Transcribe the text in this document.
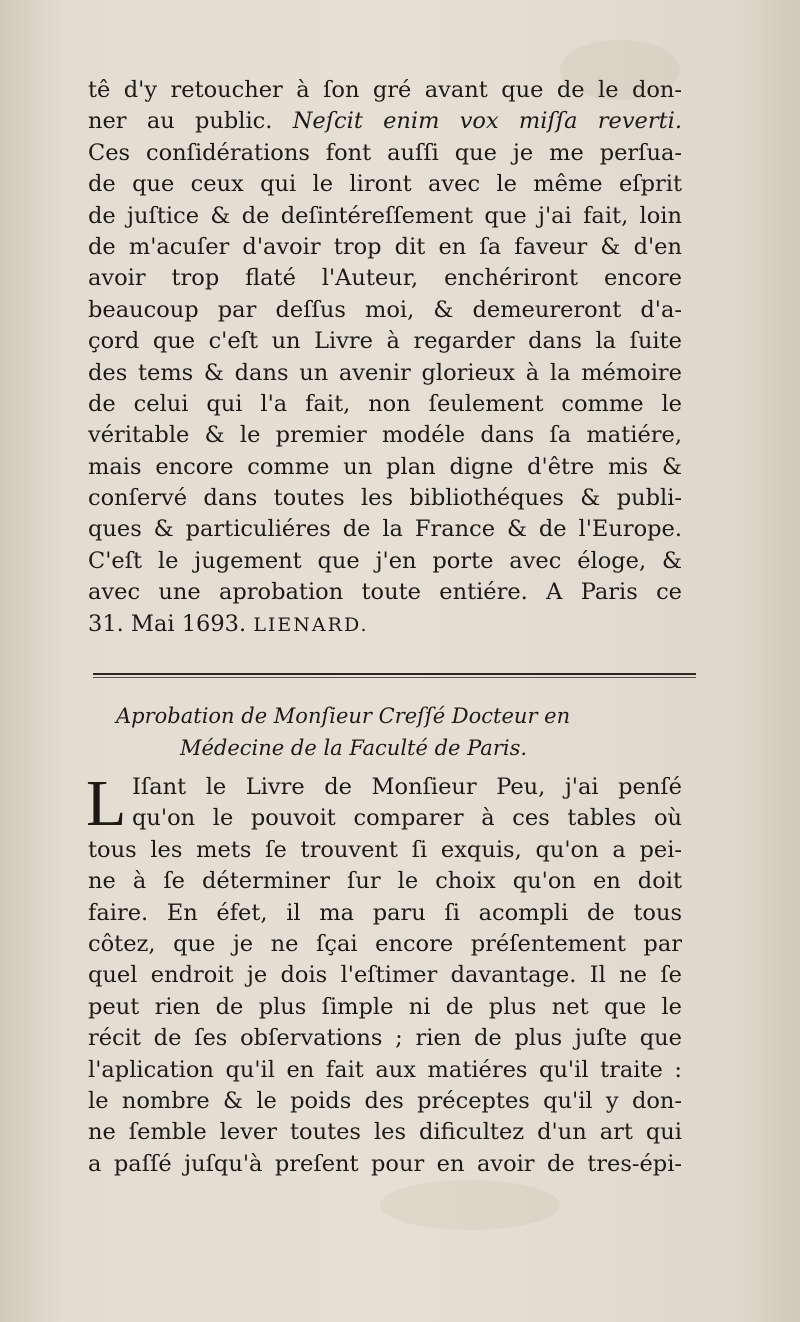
tê d'y retoucher à ſon gré avant que de le don-
ner au public. Neſcit enim vox miſſa reverti.
Ces conſidérations font auſſi que je me perſua-
de que ceux qui le liront avec le même eſprit
de juſtice & de deſintéreſſement que j'ai fait, loin
de m'acuſer d'avoir trop dit en ſa faveur & d'en
avoir trop flaté l'Auteur, enchériront encore
beaucoup par deſſus moi, & demeureront d'a-
çord que c'eſt un Livre à regarder dans la ſuite
des tems & dans un avenir glorieux à la mémoire
de celui qui l'a fait, non ſeulement comme le
véritable & le premier modéle dans ſa matiére,
mais encore comme un plan digne d'être mis &
conſervé dans toutes les bibliothéques & publi-
ques & particuliéres de la France & de l'Europe.
C'eſt le jugement que j'en porte avec éloge, &
avec une aprobation toute entiére. A Paris ce
31. Mai 1693. LIENARD.
Aprobation de Monſieur Creſſé Docteur en
Médecine de la Faculté de Paris.
L Iſant le Livre de Monſieur Peu, j'ai penſé
qu'on le pouvoit comparer à ces tables où
tous les mets ſe trouvent ſi exquis, qu'on a pei-
ne à ſe déterminer ſur le choix qu'on en doit
faire. En éfet, il ma paru ſi acompli de tous
côtez, que je ne ſçai encore préſentement par
quel endroit je dois l'eſtimer davantage. Il ne ſe
peut rien de plus ſimple ni de plus net que le
récit de ſes obſervations ; rien de plus juſte que
l'aplication qu'il en fait aux matiéres qu'il traite :
le nombre & le poids des préceptes qu'il y don-
ne ſemble lever toutes les dificultez d'un art qui
a paſſé juſqu'à preſent pour en avoir de tres-épi-
